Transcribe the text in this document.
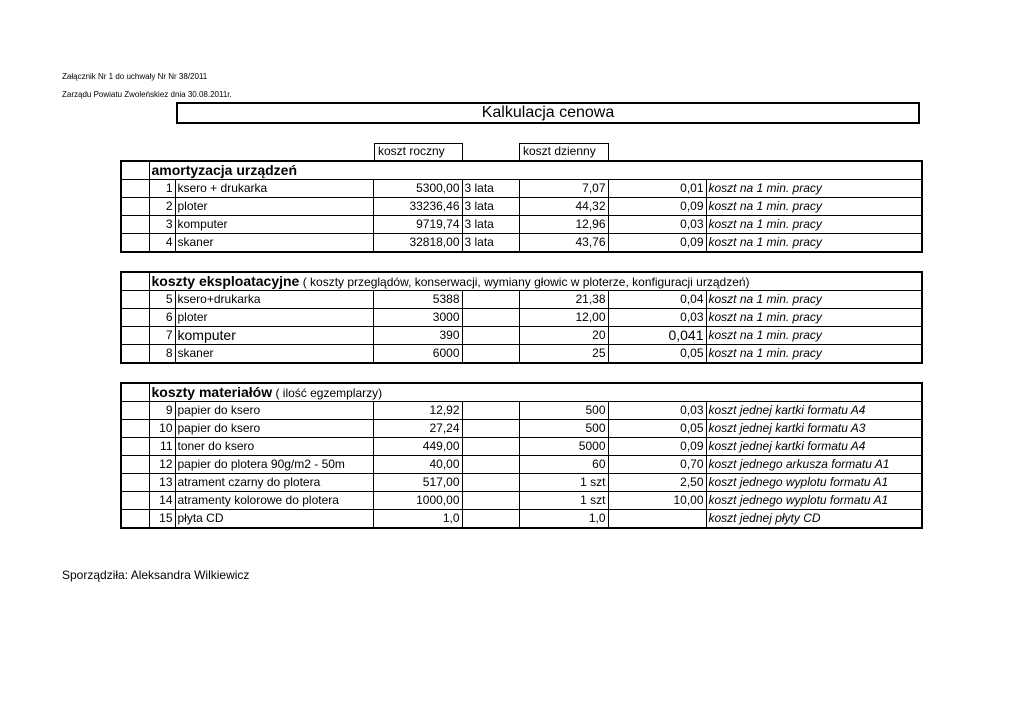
Załącznik Nr 1 do uchwały Nr Nr 38/2011
Zarządu Powiatu Zwoleńskiez dnia 30.08.2011r.
Kalkulacja cenowa
koszt roczny	koszt dzienny
	amortyzacja urządzeń						
	1	ksero + drukarka	5300,00	3 lata	7,07	0,01	koszt na 1 min. pracy
	2	ploter	33236,46	3 lata	44,32	0,09	koszt na 1 min. pracy
	3	komputer	9719,74	3 lata	12,96	0,03	koszt na 1 min. pracy
	4	skaner	32818,00	3 lata	43,76	0,09	koszt na 1 min. pracy
	koszty eksploatacyjne ( koszty przeglądów, konserwacji, wymiany głowic w ploterze, konfiguracji urządzeń)						
	5	ksero+drukarka	5388		21,38	0,04	koszt na 1 min. pracy
	6	ploter	3000		12,00	0,03	koszt na 1 min. pracy
	7	komputer	390		20	0,041	koszt na 1 min. pracy
	8	skaner	6000		25	0,05	koszt na 1 min. pracy
	koszty materiałów ( ilość egzemplarzy)						
	9	papier do ksero	12,92		500	0,03	koszt jednej kartki formatu A4
	10	papier do ksero	27,24		500	0,05	koszt jednej kartki formatu A3
	11	toner do ksero	449,00		5000	0,09	koszt jednej kartki formatu A4
	12	papier do plotera 90g/m2 - 50m	40,00		60	0,70	koszt jednego arkusza formatu A1
	13	atrament czarny do plotera	517,00		1 szt	2,50	koszt jednego wyplotu formatu A1
	14	atramenty kolorowe do plotera	1000,00		1 szt	10,00	koszt jednego wyplotu formatu A1
	15	płyta CD	1,0		1,0		koszt jednej płyty CD
Sporządziła: Aleksandra Wilkiewicz
